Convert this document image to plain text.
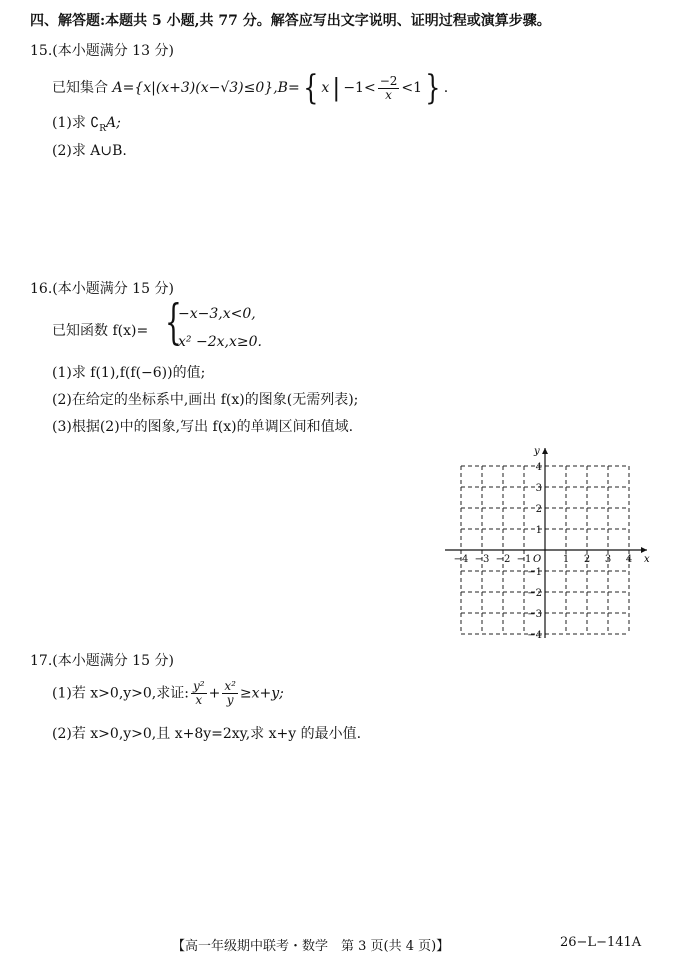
四、解答题:本题共 5 小题,共 77 分。解答应写出文字说明、证明过程或演算步骤。
15.(本小题满分 13 分)
已知集合 A={x|(x+3)(x−√3)≤0},B={ x | $-1< \frac{-2}{x} <1$} .
(1)求 $∁_RA$;
(2)求 A∪B.
16.(本小题满分 15 分)
已知函数 f(x)= {
−x−3,x<0,
x² −2x,x≥0.
(1)求 f(1),f(f(−6))的值;
(2)在给定的坐标系中,画出 f(x)的图象(无需列表);
(3)根据(2)中的图象,写出 f(x)的单调区间和值域.
x
y
O
−4 −3 −2 −1	1 2 3 4
4
3
2
1
−1
−2
−3
−4
17.(本小题满分 15 分)
(1)若 x>0,y>0,求证: $\frac{\text{y²}}{x} + \frac{\text{x²}}{y} \ge x+y$;
(2)若 x>0,y>0,且 x+8y=2xy,求 x+y 的最小值.
【高一年级期中联考・数学　第 3 页(共 4 页)】	26−L−141A
